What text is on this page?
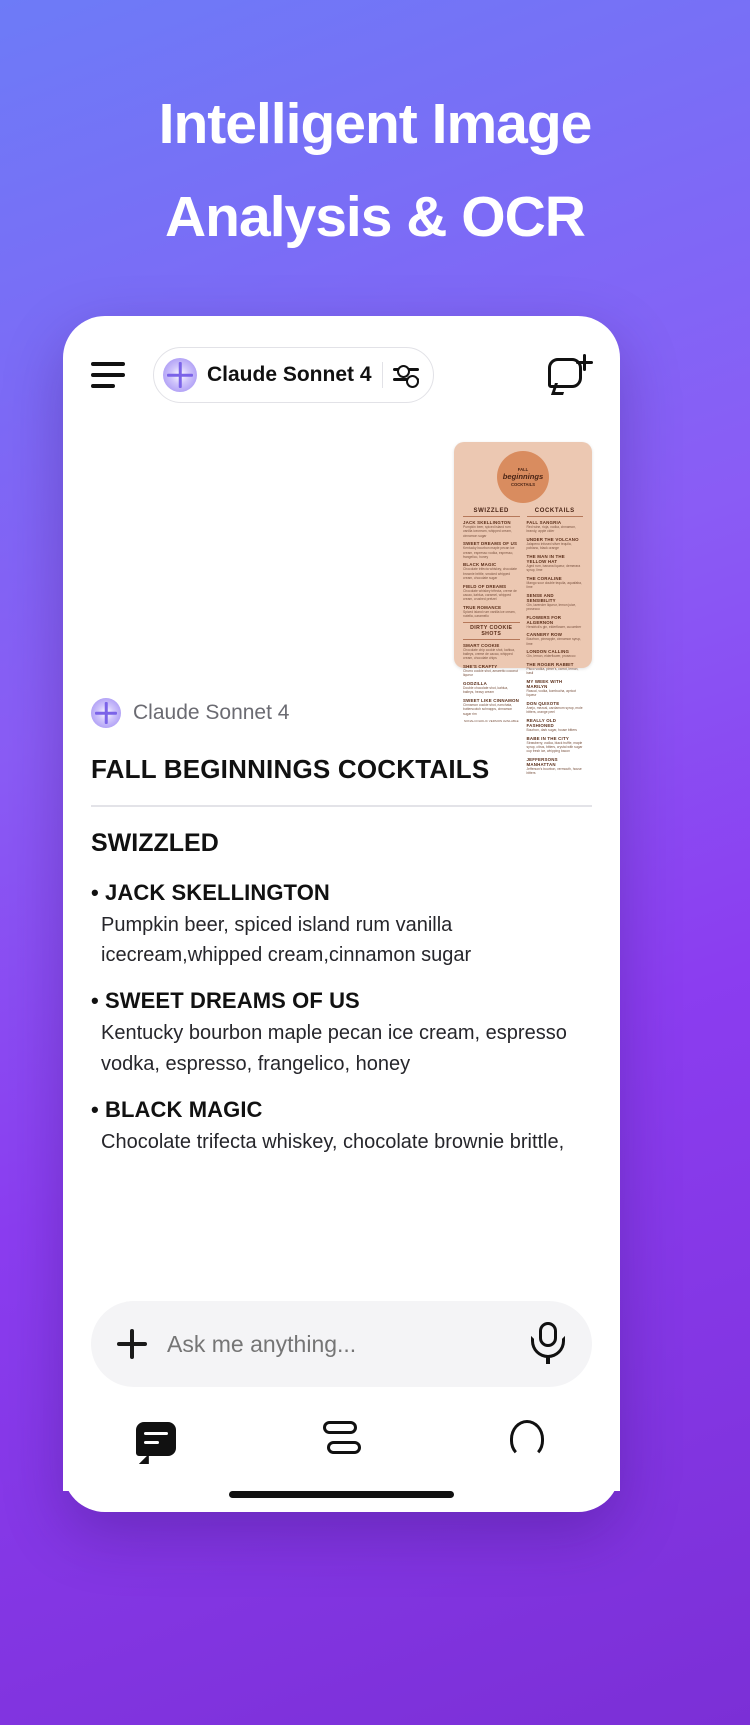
Intelligent Image
Analysis & OCR
Claude Sonnet 4
FALL
beginnings
COCKTAILS
SWIZZLED
JACK SKELLINGTON
Pumpkin beer, spiced island rum vanilla icecream, whipped cream, cinnamon sugar
SWEET DREAMS OF US
Kentucky bourbon maple pecan ice cream, espresso vodka, espresso, frangelico, honey
BLACK MAGIC
Chocolate trifecta whiskey, chocolate brownie brittle, smoked whipped cream, chocolate sugar
FIELD OF DREAMS
Chocolate whiskey trifecta, creme de cacao, kahlua, caramel, whipped cream, crushed pretzel
TRUE ROMANCE
Spiced island rum vanilla ice cream, nutella, caramello
DIRTY COOKIE SHOTS
SMART COOKIE
Chocolate chip cookie shot, kahlua, baileys, creme de cacao, whipped cream, chocolate chips
SHE'S CRAFTY
Churro cookie shot, amaretto coconut liqueur
GODZILLA
Double chocolate shot, kahlua, baileys, heavy cream
SWEET LIKE CINNAMON
Cinnamon cookie shot, rumchata, butterscotch schnapps, cinnamon sugar rim
NONALCOHOLIC VERSION AVAILABLE
COCKTAILS
FALL SANGRIA
Red wine, rioja, vodka, cinnamon, brandy, apple cider
UNDER THE VOLCANO
Jalapeno infused silver tequila, poblano, black orange
THE MAN IN THE YELLOW HAT
Aged rum, banana liqueur, demerara syrup, lime
THE CORALINE
Mango sour double tequila, aquafaba, lime
SENSE AND SENSIBILITY
Gin, lavender liqueur, lemon juice, prosecco
FLOWERS FOR ALGERNON
Hendrick's gin, elderflower, cucumber
CANNERY ROW
Bourbon, pineapple, cinnamon syrup, lime
LONDON CALLING
Gin, lemon, elderflower, prosecco
THE ROGER RABBIT
Pisco vodka, pimm's, carrot, lemon, basil
MY WEEK WITH MARILYN
Rascal, vodka, kombucha, apricot liqueur
DON QUIXOTE
Anejo, mezcal, cardamom syrup, mole bitters, orange peel
REALLY OLD FASHIONED
Bourbon, dark sugar, house bitters
BABE IN THE CITY
Strawberry, vodka, black truffle, maple syrup, citrus, bitters, crystal with sugar cup fresh ice, whipping bacon
JEFFERSONS MANHATTAN
Jefferson's bourbon, vermouth, house bitters
Claude Sonnet 4
FALL BEGINNINGS COCKTAILS
SWIZZLED
• JACK SKELLINGTON
Pumpkin beer, spiced island rum vanilla icecream,whipped cream,cinnamon sugar
• SWEET DREAMS OF US
Kentucky bourbon maple pecan ice cream, espresso vodka, espresso, frangelico, honey
• BLACK MAGIC
Chocolate trifecta whiskey, chocolate brownie brittle,
Ask me anything...
